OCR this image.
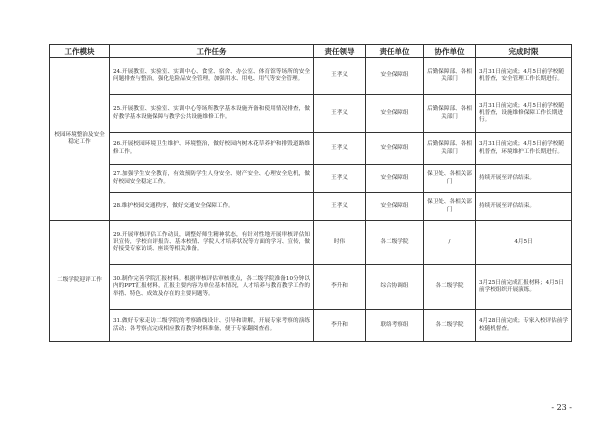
工作模块	工作任务	责任领导	责任单位	协作单位	完成时限
校园环境整治及安全稳定工作	24.开展教室、实验室、实训中心、食堂、宿舍、办公室、体育馆等场所的安全问题排查与整治，强化危险品安全管理，加强用水、用电、用气等安全管理。	王孝义	安全保障组	后勤保障部、各相关部门	3月31日前完成；4月5日前学校随机普查，安全管理工作长期进行。
	25.开展教室、实验室、实训中心等场所教学基本设施齐备和使用情况排查，做好教学基本设施保障与教学公共设施维修工作。	王孝义	安全保障组	后勤保障部、各相关部门	3月31日前完成；4月5日前学校随机普查，设施维修保障工作长期进行。
	26.开展校园环境卫生维护、环境整治，做好校园内树木花草养护和排毁道路维修工作。	王孝义	安全保障组	后勤保障部、各相关部门	3月31日前完成；4月5日前学校随机普查，环境维护工作长期进行。
	27.加强学生安全教育，有效预防学生人身安全、财产安全、心理安全危机，做好校园安全稳定工作。	王孝义	安全保障组	保卫处、各相关部门	持续开展至评估结束。
	28.维护校园交通秩序，做好交通安全保障工作。	王孝义	安全保障组	保卫处、各相关部门	持续开展至评估结束。
二级学院迎评工作	29.开展审核评估工作动员，调整好师生精神状态，有针对性地开展审核评估知识宣传，学校自评报告、基本校情、学院人才培养状况等方面的学习、宣传，做好接受专家访谈、座谈等相关准备。	时伟	各二级学院	/	4月5日
	30.制作完善学院汇报材料。根据审核评估审核重点，各二级学院准备10分钟以内的PPT汇报材料，汇报主要内容为单位基本情况，人才培养与教育教学工作的举措、特色、成效及存在的主要问题等。	李升和	综合协调组	各二级学院	3月25日前完成汇报材料；4月5日前学校组织开展演练。
	31.做好专家走访二级学院的考察路线设计、引导和讲解，开展专家考察的演练活动；各考察点完成相应教育教学材料准备，便于专家翻阅查看。	李升和	联络考察组	各二级学院	4月28日前完成；专家入校评估前学校随机督查。
- 23 -
